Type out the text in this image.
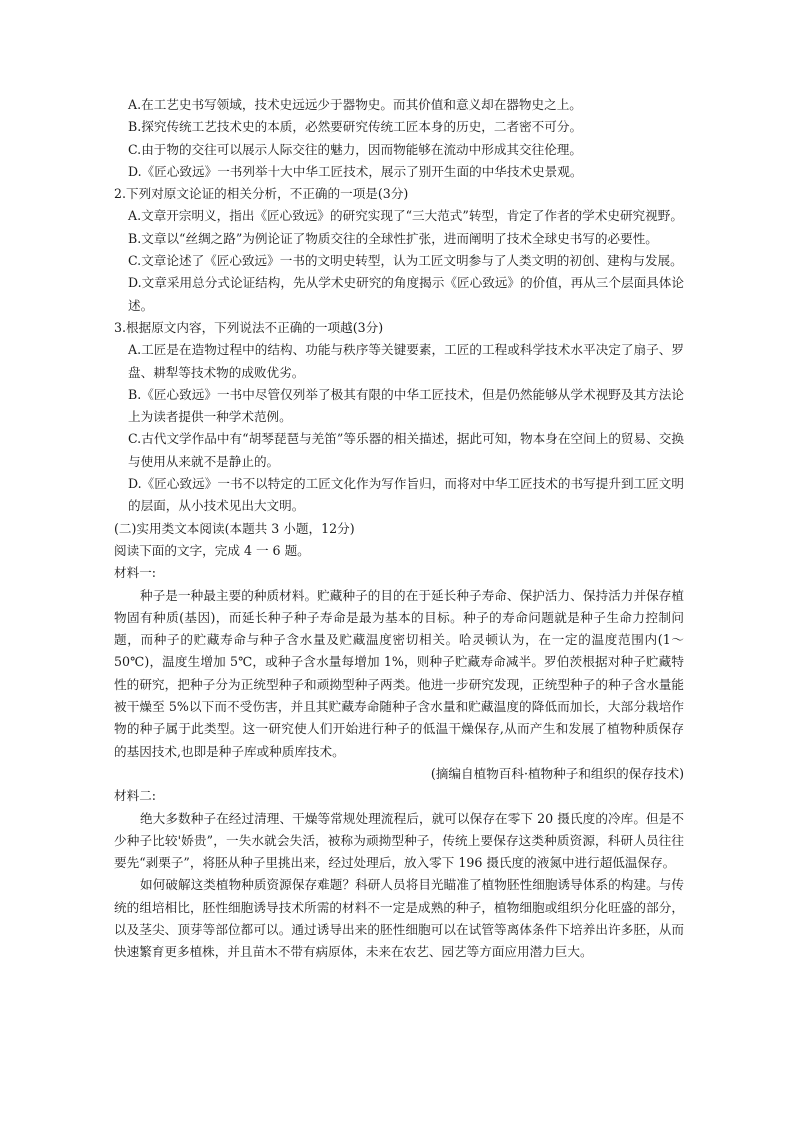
A.在工艺史书写领域，技术史远远少于器物史。而其价值和意义却在器物史之上。

B.探究传统工艺技术史的本质，必然要研究传统工匠本身的历史，二者密不可分。

C.由于物的交往可以展示人际交往的魅力，因而物能够在流动中形成其交往伦理。

D.《匠心致远》一书列举十大中华工匠技术，展示了别开生面的中华技术史景观。

2.下列对原文论证的相关分析，不正确的一项是(3分)

A.文章开宗明义，指出《匠心致远》的研究实现了“三大范式”转型，肯定了作者的学术史研究视野。

B.文章以“丝绸之路”为例论证了物质交往的全球性扩张，进而阐明了技术全球史书写的必要性。

C.文章论述了《匠心致远》一书的文明史转型，认为工匠文明参与了人类文明的初创、建构与发展。

D.文章采用总分式论证结构，先从学术史研究的角度揭示《匠心致远》的价值，再从三个层面具体论述。

3.根据原文内容，下列说法不正确的一项越(3分)

A.工匠是在造物过程中的结构、功能与秩序等关键要素，工匠的工程或科学技术水平决定了扇子、罗盘、耕犁等技术物的成败优劣。

B.《匠心致远》一书中尽管仅列举了极其有限的中华工匠技术，但是仍然能够从学术视野及其方法论上为读者提供一种学术范例。

C.古代文学作品中有“胡琴琵琶与羌笛”等乐器的相关描述，据此可知，物本身在空间上的贸易、交换与使用从来就不是静止的。

D.《匠心致远》一书不以特定的工匠文化作为写作旨归，而将对中华工匠技术的书写提升到工匠文明的层面，从小技术见出大文明。

(二)实用类文本阅读(本题共 3 小题，12分)

阅读下面的文字，完成 4 一 6 题。

材料一:

种子是一种最主要的种质材料。贮藏种子的目的在于延长种子寿命、保护活力、保持活力并保存植物固有种质(基因)，而延长种子种子寿命是最为基本的目标。种子的寿命问题就是种子生命力控制问题，而种子的贮藏寿命与种子含水量及贮藏温度密切相关。哈灵顿认为，在一定的温度范围内(1～50℃)，温度生增加 5℃，或种子含水量每增加 1%，则种子贮藏寿命减半。罗伯茨根据对种子贮藏特性的研究，把种子分为正统型种子和顽拗型种子两类。他进一步研究发现，正统型种子的种子含水量能被干燥至 5%以下而不受伤害，并且其贮藏寿命随种子含水量和贮藏温度的降低而加长，大部分栽培作物的种子属于此类型。这一研究使人们开始进行种子的低温干燥保存,从而产生和发展了植物种质保存的基因技术,也即是种子库或种质库技术。

(摘编自植物百科·植物种子和组织的保存技术)

材料二:

绝大多数种子在经过清理、干燥等常规处理流程后，就可以保存在零下 20 摄氏度的冷库。但是不少种子比较'娇贵”，一失水就会失活，被称为顽拗型种子，传统上要保存这类种质资源，科研人员往往要先“剥栗子”，将胚从种子里挑出来，经过处理后，放入零下 196 摄氏度的液氮中进行超低温保存。

如何破解这类植物种质资源保存难题？科研人员将目光瞄准了植物胚性细胞诱导体系的构建。与传统的组培相比，胚性细胞诱导技术所需的材料不一定是成熟的种子，植物细胞或组织分化旺盛的部分，以及茎尖、顶芽等部位都可以。通过诱导出来的胚性细胞可以在试管等离体条件下培养出许多胚，从而快速繁育更多植株，并且苗木不带有病原体，未来在农艺、园艺等方面应用潜力巨大。
